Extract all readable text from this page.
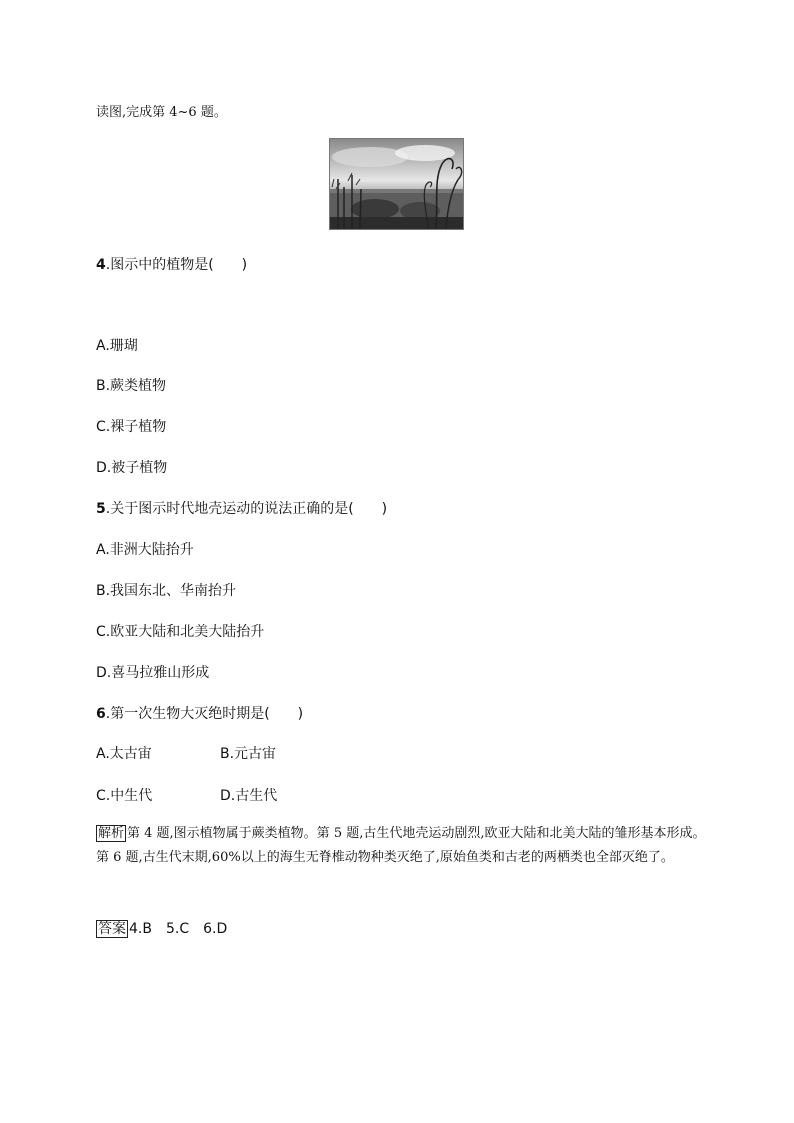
读图,完成第 4~6 题。
4.图示中的植物是(　　)
A.珊瑚
B.蕨类植物
C.裸子植物
D.被子植物
5.关于图示时代地壳运动的说法正确的是(　　)
A.非洲大陆抬升
B.我国东北、华南抬升
C.欧亚大陆和北美大陆抬升
D.喜马拉雅山形成
6.第一次生物大灭绝时期是(　　)
A.太古宙	B.元古宙
C.中生代	D.古生代
解析 第 4 题,图示植物属于蕨类植物。第 5 题,古生代地壳运动剧烈,欧亚大陆和北美大陆的雏形基本形成。第 6 题,古生代末期,60%以上的海生无脊椎动物种类灭绝了,原始鱼类和古老的两栖类也全部灭绝了。
答案 4.B　5.C　6.D
